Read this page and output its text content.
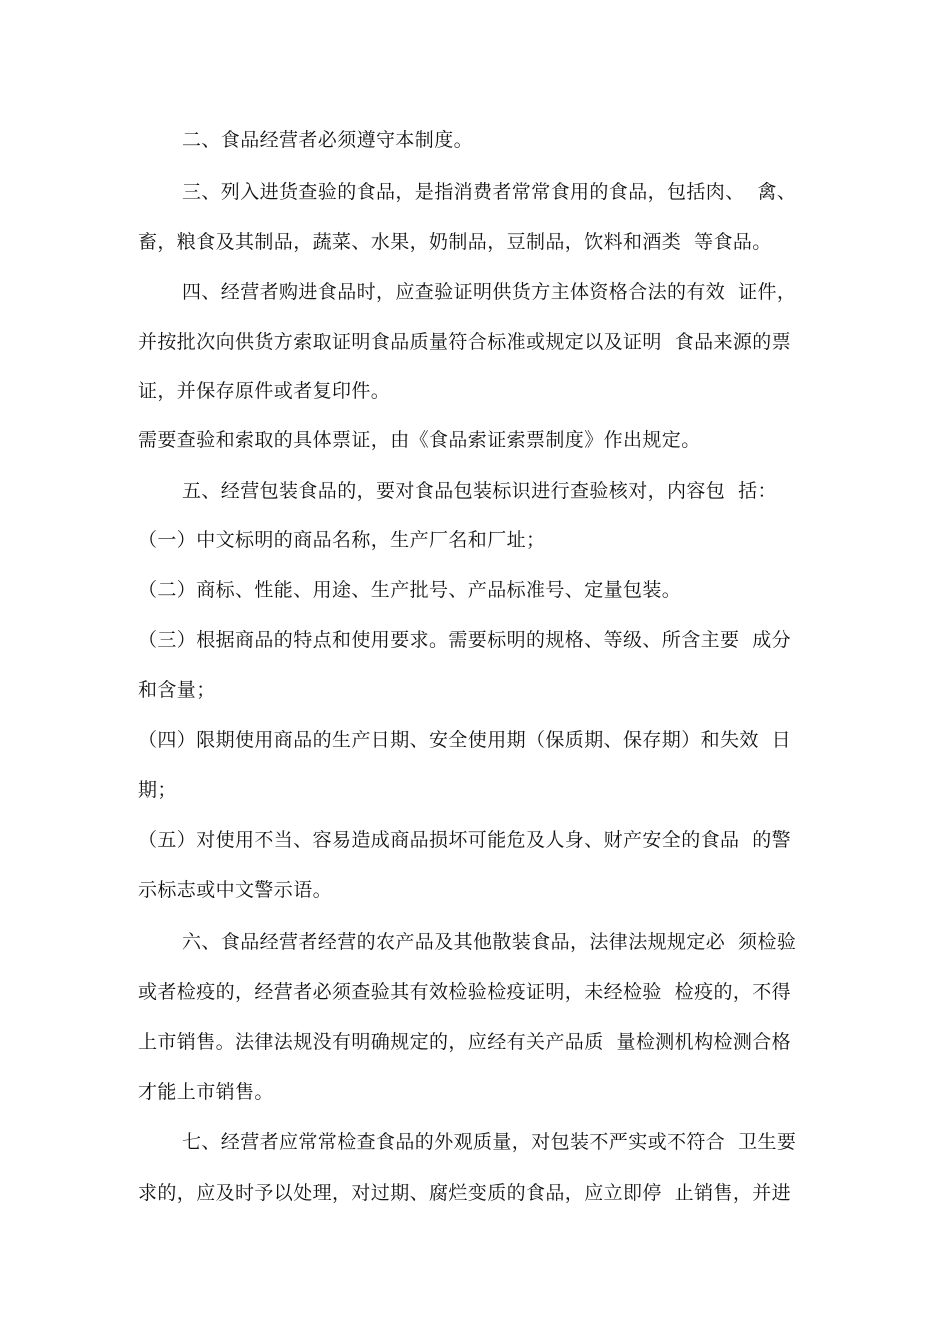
二、食品经营者必须遵守本制度。
三、列入进货查验的食品，是指消费者常常食用的食品，包括肉、  禽、
畜，粮食及其制品，蔬菜、水果，奶制品，豆制品，饮料和酒类  等食品。
四、经营者购进食品时，应查验证明供货方主体资格合法的有效  证件，
并按批次向供货方索取证明食品质量符合标准或规定以及证明  食品来源的票
证，并保存原件或者复印件。
需要查验和索取的具体票证，由《食品索证索票制度》作出规定。
五、经营包装食品的，要对食品包装标识进行查验核对，内容包  括：
（一）中文标明的商品名称，生产厂名和厂址；
（二）商标、性能、用途、生产批号、产品标准号、定量包装。
（三）根据商品的特点和使用要求。需要标明的规格、等级、所含主要  成分
和含量；
（四）限期使用商品的生产日期、安全使用期（保质期、保存期）和失效  日
期；
（五）对使用不当、容易造成商品损坏可能危及人身、财产安全的食品  的警
示标志或中文警示语。
六、食品经营者经营的农产品及其他散装食品，法律法规规定必  须检验
或者检疫的，经营者必须查验其有效检验检疫证明，未经检验  检疫的，不得
上市销售。法律法规没有明确规定的，应经有关产品质  量检测机构检测合格
才能上市销售。
七、经营者应常常检查食品的外观质量，对包装不严实或不符合  卫生要
求的，应及时予以处理，对过期、腐烂变质的食品，应立即停  止销售，并进
